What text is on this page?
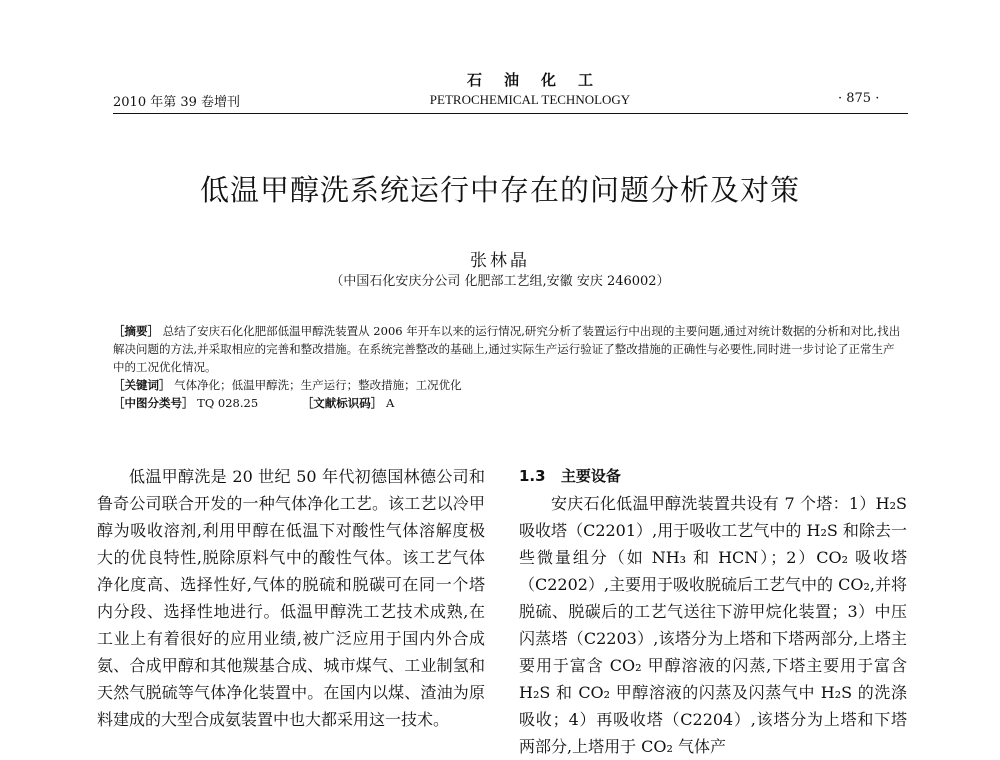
2010 年第 39 卷增刊
石油化工
PETROCHEMICAL TECHNOLOGY	· 875 ·
低温甲醇洗系统运行中存在的问题分析及对策
张林晶
（中国石化安庆分公司 化肥部工艺组,安徽 安庆 246002）

［摘要］ 总结了安庆石化化肥部低温甲醇洗装置从 2006 年开车以来的运行情况,研究分析了装置运行中出现的主要问题,通过对统计数据的分析和对比,找出解决问题的方法,并采取相应的完善和整改措施。在系统完善整改的基础上,通过实际生产运行验证了整改措施的正确性与必要性,同时进一步讨论了正常生产中的工况优化情况。

［关键词］ 气体净化；低温甲醇洗；生产运行；整改措施；工况优化

［中图分类号］ TQ 028.25	［文献标识码］ A

低温甲醇洗是 20 世纪 50 年代初德国林德公司和鲁奇公司联合开发的一种气体净化工艺。该工艺以冷甲醇为吸收溶剂,利用甲醇在低温下对酸性气体溶解度极大的优良特性,脱除原料气中的酸性气体。该工艺气体净化度高、选择性好,气体的脱硫和脱碳可在同一个塔内分段、选择性地进行。低温甲醇洗工艺技术成熟,在工业上有着很好的应用业绩,被广泛应用于国内外合成氨、合成甲醇和其他羰基合成、城市煤气、工业制氢和天然气脱硫等气体净化装置中。在国内以煤、渣油为原料建成的大型合成氨装置中也大都采用这一技术。

1.3 主要设备

安庆石化低温甲醇洗装置共设有 7 个塔：1）H₂S吸收塔（C2201）,用于吸收工艺气中的 H₂S 和除去一些微量组分（如 NH₃ 和 HCN）；2）CO₂ 吸收塔（C2202）,主要用于吸收脱硫后工艺气中的 CO₂,并将脱硫、脱碳后的工艺气送往下游甲烷化装置；3）中压闪蒸塔（C2203）,该塔分为上塔和下塔两部分,上塔主要用于富含 CO₂ 甲醇溶液的闪蒸,下塔主要用于富含 H₂S 和 CO₂ 甲醇溶液的闪蒸及闪蒸气中 H₂S 的洗涤吸收；4）再吸收塔（C2204）,该塔分为上塔和下塔两部分,上塔用于 CO₂ 气体产
